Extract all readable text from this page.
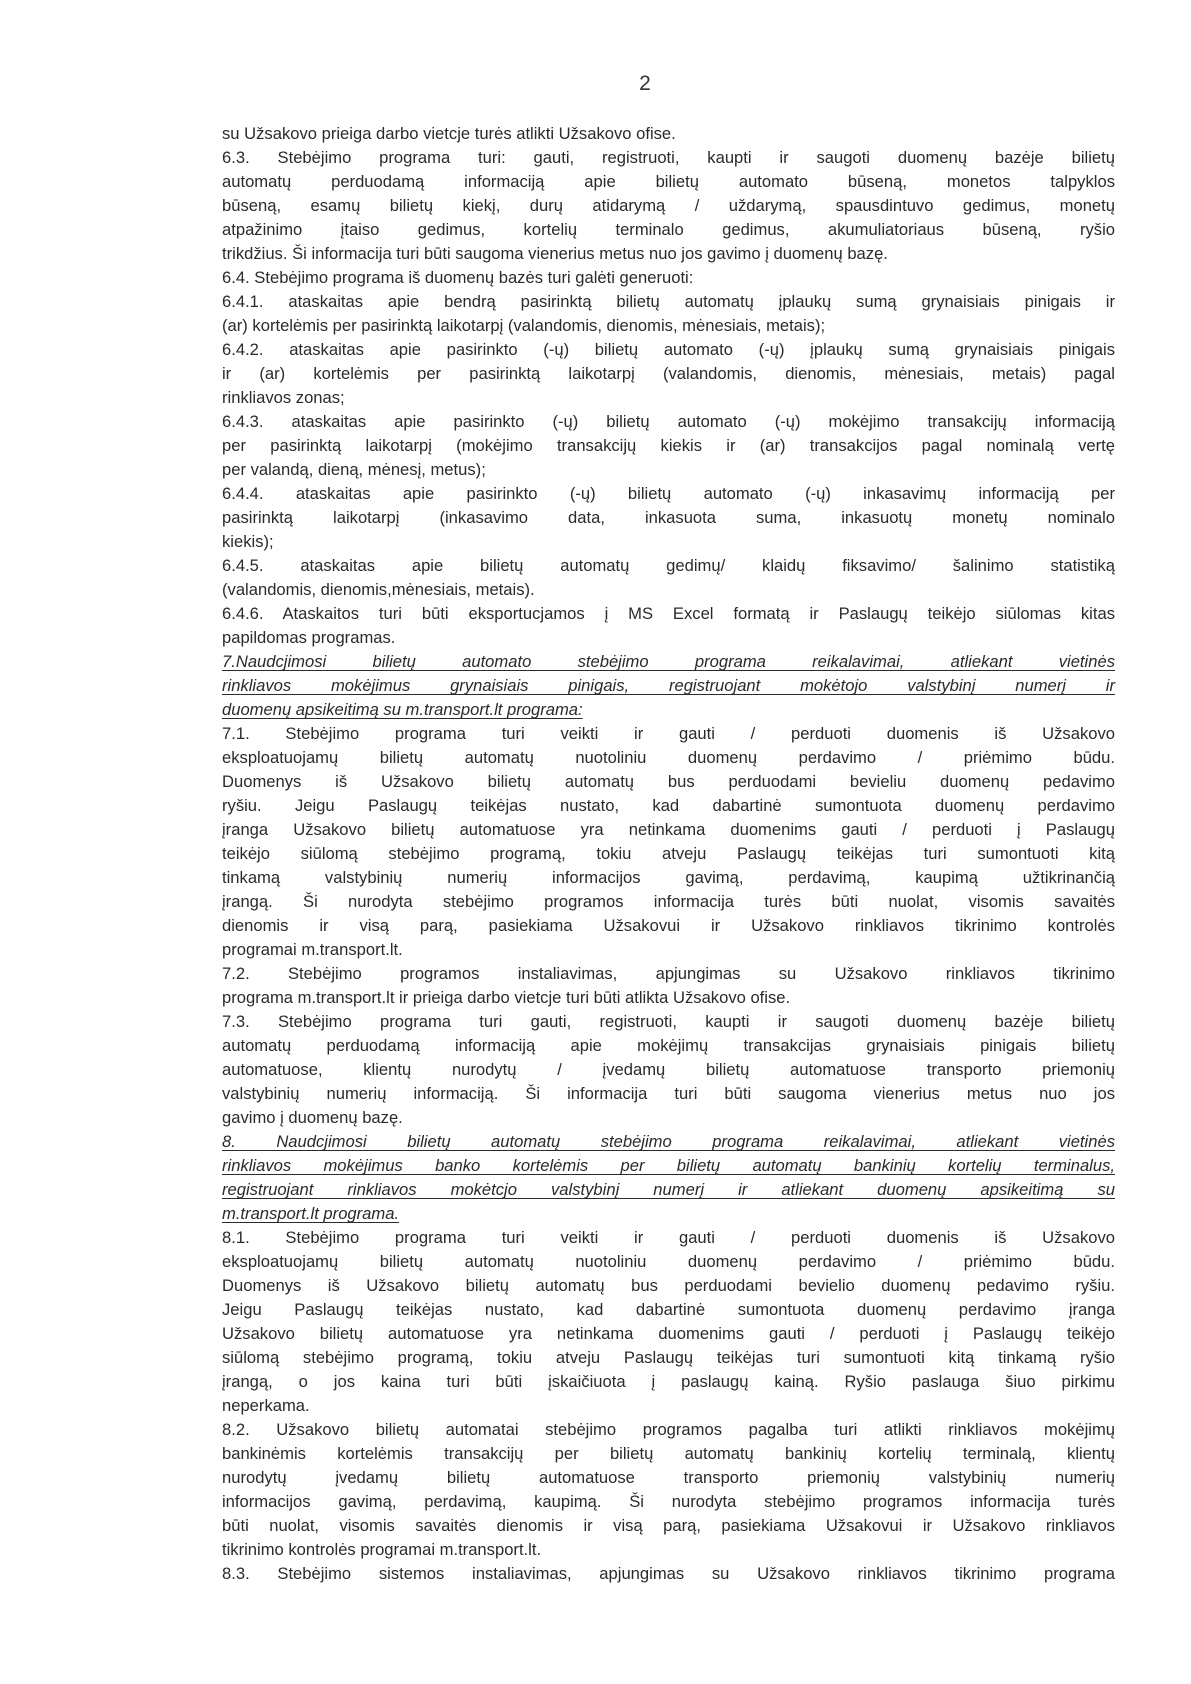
2
su Užsakovo prieiga darbo vietcje turės atlikti Užsakovo ofise.
6.3. Stebėjimo programa turi: gauti, registruoti, kaupti ir saugoti duomenų bazėje bilietų
automatų perduodamą informaciją apie bilietų automato būseną, monetos talpyklos
būseną, esamų bilietų kiekį, durų atidarymą / uždarymą, spausdintuvo gedimus, monetų
atpažinimo įtaiso gedimus, kortelių terminalo gedimus, akumuliatoriaus būseną, ryšio
trikdžius. Ši informacija turi būti saugoma vienerius metus nuo jos gavimo į duomenų bazę.
6.4. Stebėjimo programa iš duomenų bazės turi galėti generuoti:
6.4.1. ataskaitas apie bendrą pasirinktą bilietų automatų įplaukų sumą grynaisiais pinigais ir
(ar) kortelėmis per pasirinktą laikotarpį (valandomis, dienomis, mėnesiais, metais);
6.4.2. ataskaitas apie pasirinkto (-ų) bilietų automato (-ų) įplaukų sumą grynaisiais pinigais
ir (ar) kortelėmis per pasirinktą laikotarpį (valandomis, dienomis, mėnesiais, metais) pagal
rinkliavos zonas;
6.4.3. ataskaitas apie pasirinkto (-ų) bilietų automato (-ų) mokėjimo transakcijų informaciją
per pasirinktą laikotarpį (mokėjimo transakcijų kiekis ir (ar) transakcijos pagal nominalą vertę
per valandą, dieną, mėnesį, metus);
6.4.4. ataskaitas apie pasirinkto (-ų) bilietų automato (-ų) inkasavimų informaciją per
pasirinktą laikotarpį (inkasavimo data, inkasuota suma, inkasuotų monetų nominalo
kiekis);
6.4.5. ataskaitas apie bilietų automatų gedimų/ klaidų fiksavimo/ šalinimo statistiką
(valandomis, dienomis,mėnesiais, metais).
6.4.6. Ataskaitos turi būti eksportucjamos į MS Excel formatą ir Paslaugų teikėjo siūlomas kitas
papildomas programas.
7.Naudcjimosi bilietų automato stebėjimo programa reikalavimai, atliekant vietinės
rinkliavos mokėjimus grynaisiais pinigais, registruojant mokėtojo valstybinį numerį ir
duomenų apsikeitimą su m.transport.lt programa:
7.1. Stebėjimo programa turi veikti ir gauti / perduoti duomenis iš Užsakovo
eksploatuojamų bilietų automatų nuotoliniu duomenų perdavimo / priėmimo būdu.
Duomenys iš Užsakovo bilietų automatų bus perduodami bevieliu duomenų pedavimo
ryšiu. Jeigu Paslaugų teikėjas nustato, kad dabartinė sumontuota duomenų perdavimo
įranga Užsakovo bilietų automatuose yra netinkama duomenims gauti / perduoti į Paslaugų
teikėjo siūlomą stebėjimo programą, tokiu atveju Paslaugų teikėjas turi sumontuoti kitą
tinkamą valstybinių numerių informacijos gavimą, perdavimą, kaupimą užtikrinančią
įrangą. Ši nurodyta stebėjimo programos informacija turės būti nuolat, visomis savaitės
dienomis ir visą parą, pasiekiama Užsakovui ir Užsakovo rinkliavos tikrinimo kontrolės
programai m.transport.lt.
7.2. Stebėjimo programos instaliavimas, apjungimas su Užsakovo rinkliavos tikrinimo
programa m.transport.lt ir prieiga darbo vietcje turi būti atlikta Užsakovo ofise.
7.3. Stebėjimo programa turi gauti, registruoti, kaupti ir saugoti duomenų bazėje bilietų
automatų perduodamą informaciją apie mokėjimų transakcijas grynaisiais pinigais bilietų
automatuose, klientų nurodytų / įvedamų bilietų automatuose transporto priemonių
valstybinių numerių informaciją. Ši informacija turi būti saugoma vienerius metus nuo jos
gavimo į duomenų bazę.
8. Naudcjimosi bilietų automatų stebėjimo programa reikalavimai, atliekant vietinės
rinkliavos mokėjimus banko kortelėmis per bilietų automatų bankinių kortelių terminalus,
registruojant rinkliavos mokėtcjo valstybinį numerį ir atliekant duomenų apsikeitimą su
m.transport.lt programa.
8.1. Stebėjimo programa turi veikti ir gauti / perduoti duomenis iš Užsakovo
eksploatuojamų bilietų automatų nuotoliniu duomenų perdavimo / priėmimo būdu.
Duomenys iš Užsakovo bilietų automatų bus perduodami bevielio duomenų pedavimo ryšiu.
Jeigu Paslaugų teikėjas nustato, kad dabartinė sumontuota duomenų perdavimo įranga
Užsakovo bilietų automatuose yra netinkama duomenims gauti / perduoti į Paslaugų teikėjo
siūlomą stebėjimo programą, tokiu atveju Paslaugų teikėjas turi sumontuoti kitą tinkamą ryšio
įrangą, o jos kaina turi būti įskaičiuota į paslaugų kainą. Ryšio paslauga šiuo pirkimu
neperkama.
8.2. Užsakovo bilietų automatai stebėjimo programos pagalba turi atlikti rinkliavos mokėjimų
bankinėmis kortelėmis transakcijų per bilietų automatų bankinių kortelių terminalą, klientų
nurodytų įvedamų bilietų automatuose transporto priemonių valstybinių numerių
informacijos gavimą, perdavimą, kaupimą. Ši nurodyta stebėjimo programos informacija turės
būti nuolat, visomis savaitės dienomis ir visą parą, pasiekiama Užsakovui ir Užsakovo rinkliavos
tikrinimo kontrolės programai m.transport.lt.
8.3. Stebėjimo sistemos instaliavimas, apjungimas su Užsakovo rinkliavos tikrinimo programa
